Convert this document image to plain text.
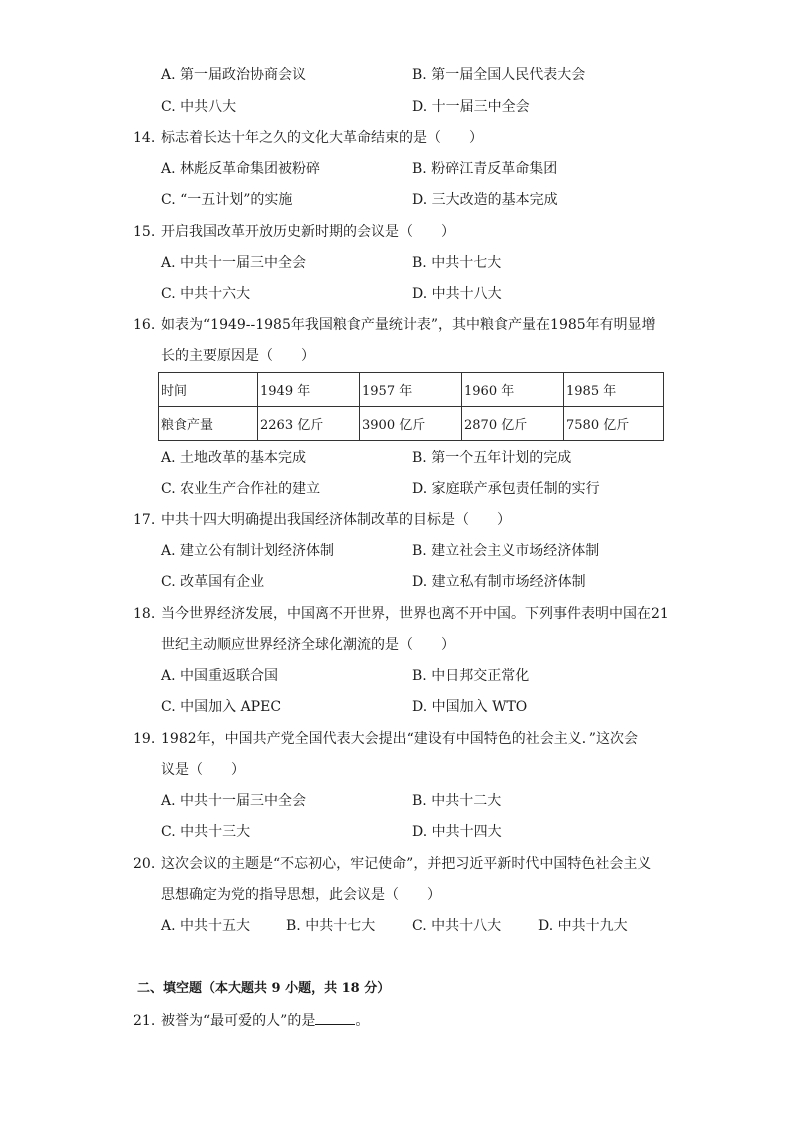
A. 第一届政治协商会议	B. 第一届全国人民代表大会
C. 中共八大	D. 十一届三中全会
14. 标志着长达十年之久的文化大革命结束的是（　　）
A. 林彪反革命集团被粉碎	B. 粉碎江青反革命集团
C. “一五计划”的实施	D. 三大改造的基本完成
15. 开启我国改革开放历史新时期的会议是（　　）
A. 中共十一届三中全会	B. 中共十七大
C. 中共十六大	D. 中共十八大
16. 如表为“1949--1985年我国粮食产量统计表”，其中粮食产量在1985年有明显增
长的主要原因是（　　）
时间	1949 年	1957 年	1960 年	1985 年
粮食产量	2263 亿斤	3900 亿斤	2870 亿斤	7580 亿斤
A. 土地改革的基本完成	B. 第一个五年计划的完成
C. 农业生产合作社的建立	D. 家庭联产承包责任制的实行
17. 中共十四大明确提出我国经济体制改革的目标是（　　）
A. 建立公有制计划经济体制	B. 建立社会主义市场经济体制
C. 改革国有企业	D. 建立私有制市场经济体制
18. 当今世界经济发展，中国离不开世界，世界也离不开中国。下列事件表明中国在21
世纪主动顺应世界经济全球化潮流的是（　　）
A. 中国重返联合国	B. 中日邦交正常化
C. 中国加入 APEC	D. 中国加入 WTO
19. 1982年，中国共产党全国代表大会提出“建设有中国特色的社会主义．”这次会
议是（　　）
A. 中共十一届三中全会	B. 中共十二大
C. 中共十三大	D. 中共十四大
20. 这次会议的主题是“不忘初心，牢记使命”，并把习近平新时代中国特色社会主义
思想确定为党的指导思想，此会议是（　　）
A. 中共十五大	B. 中共十七大	C. 中共十八大	D. 中共十九大
二、填空题（本大题共 9 小题，共 18 分）
21. 被誉为“最可爱的人”的是	。
